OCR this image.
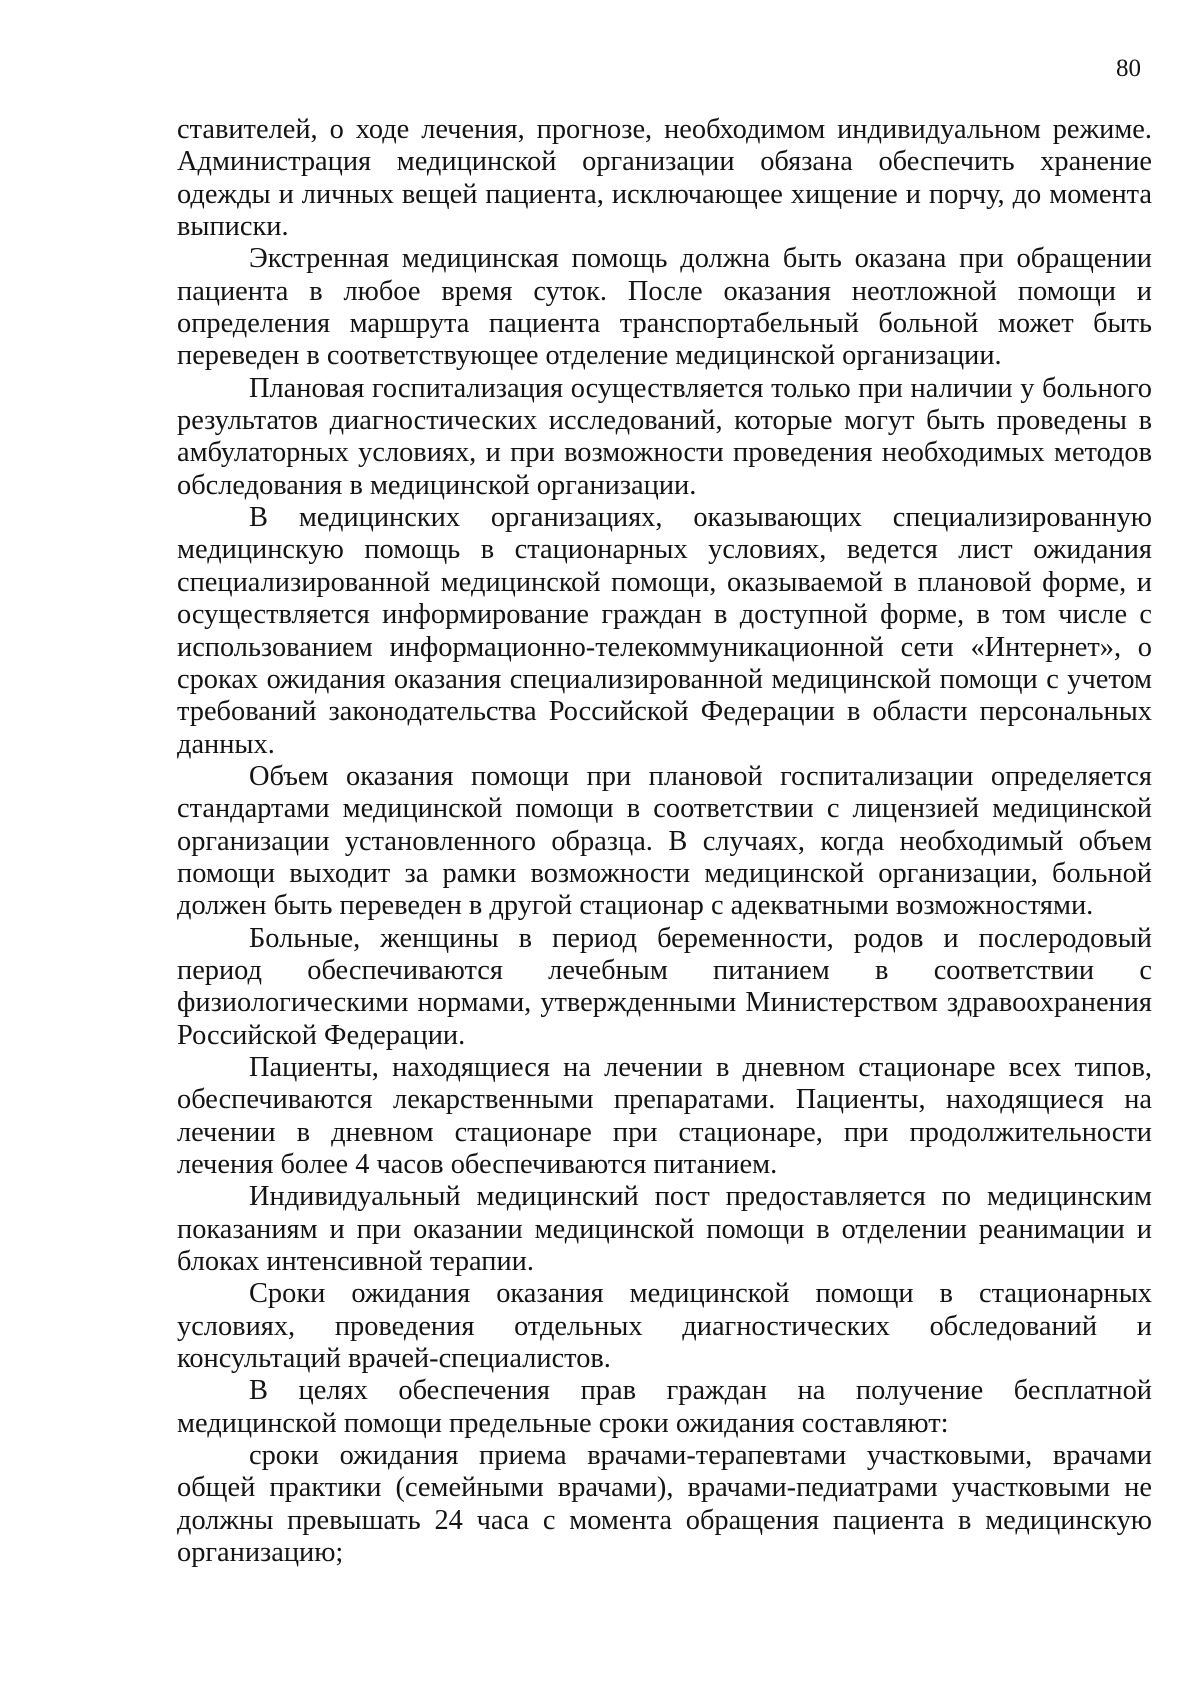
80

ставителей, о ходе лечения, прогнозе, необходимом индивидуальном режиме. Администрация медицинской организации обязана обеспечить хранение одежды и личных вещей пациента, исключающее хищение и порчу, до момента выписки.

Экстренная медицинская помощь должна быть оказана при обращении пациента в любое время суток. После оказания неотложной помощи и определения маршрута пациента транспортабельный больной может быть переведен в соответствующее отделение медицинской организации.

Плановая госпитализация осуществляется только при наличии у больного результатов диагностических исследований, которые могут быть проведены в амбулаторных условиях, и при возможности проведения необходимых методов обследования в медицинской организации.

В медицинских организациях, оказывающих специализированную медицинскую помощь в стационарных условиях, ведется лист ожидания специализированной медицинской помощи, оказываемой в плановой форме, и осуществляется информирование граждан в доступной форме, в том числе с использованием информационно-телекоммуникационной сети «Интернет», о сроках ожидания оказания специализированной медицинской помощи с учетом требований законодательства Российской Федерации в области персональных данных.

Объем оказания помощи при плановой госпитализации определяется стандартами медицинской помощи в соответствии с лицензией медицинской организации установленного образца. В случаях, когда необходимый объем помощи выходит за рамки возможности медицинской организации, больной должен быть переведен в другой стационар с адекватными возможностями.

Больные, женщины в период беременности, родов и послеродовый период обеспечиваются лечебным питанием в соответствии с физиологическими нормами, утвержденными Министерством здравоохранения Российской Федерации.

Пациенты, находящиеся на лечении в дневном стационаре всех типов, обеспечиваются лекарственными препаратами. Пациенты, находящиеся на лечении в дневном стационаре при стационаре, при продолжительности лечения более 4 часов обеспечиваются питанием.

Индивидуальный медицинский пост предоставляется по медицинским показаниям и при оказании медицинской помощи в отделении реанимации и блоках интенсивной терапии.

Сроки ожидания оказания медицинской помощи в стационарных условиях, проведения отдельных диагностических обследований и консультаций врачей-специалистов.

В целях обеспечения прав граждан на получение бесплатной медицинской помощи предельные сроки ожидания составляют:

сроки ожидания приема врачами-терапевтами участковыми, врачами общей практики (семейными врачами), врачами-педиатрами участковыми не должны превышать 24 часа с момента обращения пациента в медицинскую организацию;
